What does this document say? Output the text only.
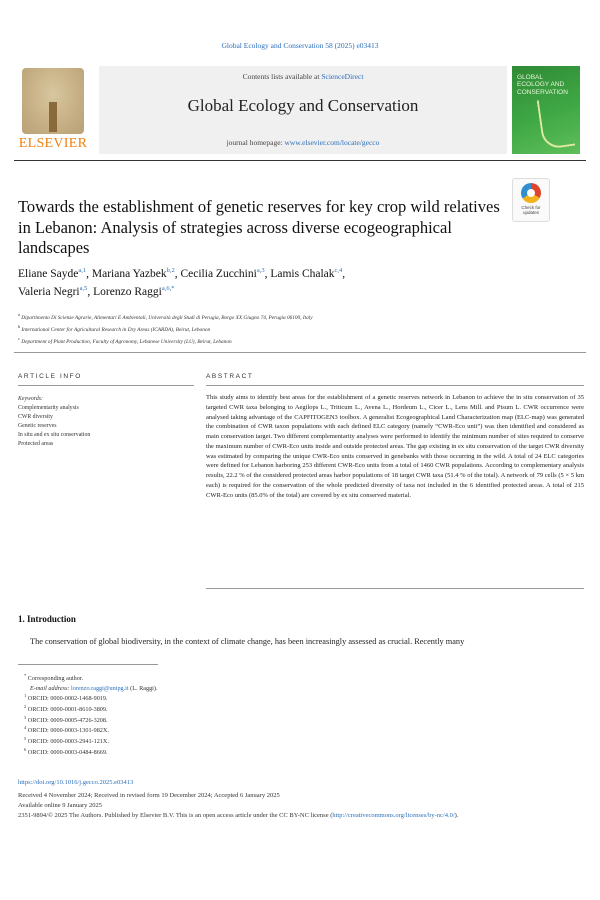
Global Ecology and Conservation 58 (2025) e03413
ELSEVIER
Contents lists available at ScienceDirect
Global Ecology and Conservation
journal homepage: www.elsevier.com/locate/gecco
GLOBAL ECOLOGY AND CONSERVATION
Towards the establishment of genetic reserves for key crop wild relatives in Lebanon: Analysis of strategies across diverse ecogeographical landscapes
Check for updates
Eliane Sayde$^{a,1}$, Mariana Yazbek$^{b,2}$, Cecilia Zucchini$^{a,3}$, Lamis Chalak$^{c,4}$,
Valeria Negri$^{a,5}$, Lorenzo Raggi$^{a,6,*}$
$^a$ Dipartimento Di Scienze Agrarie, Alimentari E Ambientali, Università degli Studi di Perugia, Borgo XX Giugno 74, Perugia 06100, Italy
$^b$ International Center for Agricultural Research in Dry Areas (ICARDA), Beirut, Lebanon
$^c$ Department of Plant Production, Faculty of Agronomy, Lebanese University (LU), Beirut, Lebanon
ARTICLE INFO	ABSTRACT
Keywords:
Complementarity analysis
CWR diversity
Genetic reserves
In situ and ex situ conservation
Protected areas
This study aims to identify best areas for the establishment of a genetic reserves network in Lebanon to achieve the in situ conservation of 35 targeted CWR taxa belonging to Aegilops L., Triticum L., Avena L., Hordeum L., Cicer L., Lens Mill. and Pisum L. CWR occurrence were analysed taking advantage of the CAPFITOGEN3 toolbox. A generalist Ecogeographical Land Characterization map (ELC-map) was generated the combination of CWR taxon populations with each defined ELC category (namely “CWR-Eco unit”) was then identified and considered as main conservation target. Two different complementarity analyses were performed to identify the minimum number of sites required to conserve the maximum number of CWR-Eco units inside and outside protected areas. The gap existing in ex situ conservation of the target CWR diversity was estimated by comparing the unique CWR-Eco units conserved in genebanks with those occurring in the wild. A total of 24 ELC categories were defined for Lebanon harboring 253 different CWR-Eco units from a total of 1460 CWR populations. According to complementary analysis results, 22.2 % of the considered protected areas harbor populations of 18 target CWR taxa (51.4 % of the total). A network of 79 cells (5 × 5 km each) is required for the conservation of the whole predicted diversity of taxa not included in the 6 identified protected areas. A total of 215 CWR-Eco units (85.0% of the total) are covered by ex situ conserved material.
1. Introduction
The conservation of global biodiversity, in the context of climate change, has been increasingly assessed as crucial. Recently many
* Corresponding author.
E-mail address: lorenzo.raggi@unipg.it (L. Raggi).
$^1$ ORCID: 0000-0002-1468-9019.
$^2$ ORCID: 0000-0001-8610-3809.
$^3$ ORCID: 0009-0005-4726-3208.
$^4$ ORCID: 0000-0003-1301-982X.
$^5$ ORCID: 0000-0003-2941-121X.
$^6$ ORCID: 0000-0003-0484-8669.
https://doi.org/10.1016/j.gecco.2025.e03413
Received 4 November 2024; Received in revised form 19 December 2024; Accepted 6 January 2025
Available online 9 January 2025
2351-9894/© 2025 The Authors. Published by Elsevier B.V. This is an open access article under the CC BY-NC license (http://creativecommons.org/licenses/by-nc/4.0/).
